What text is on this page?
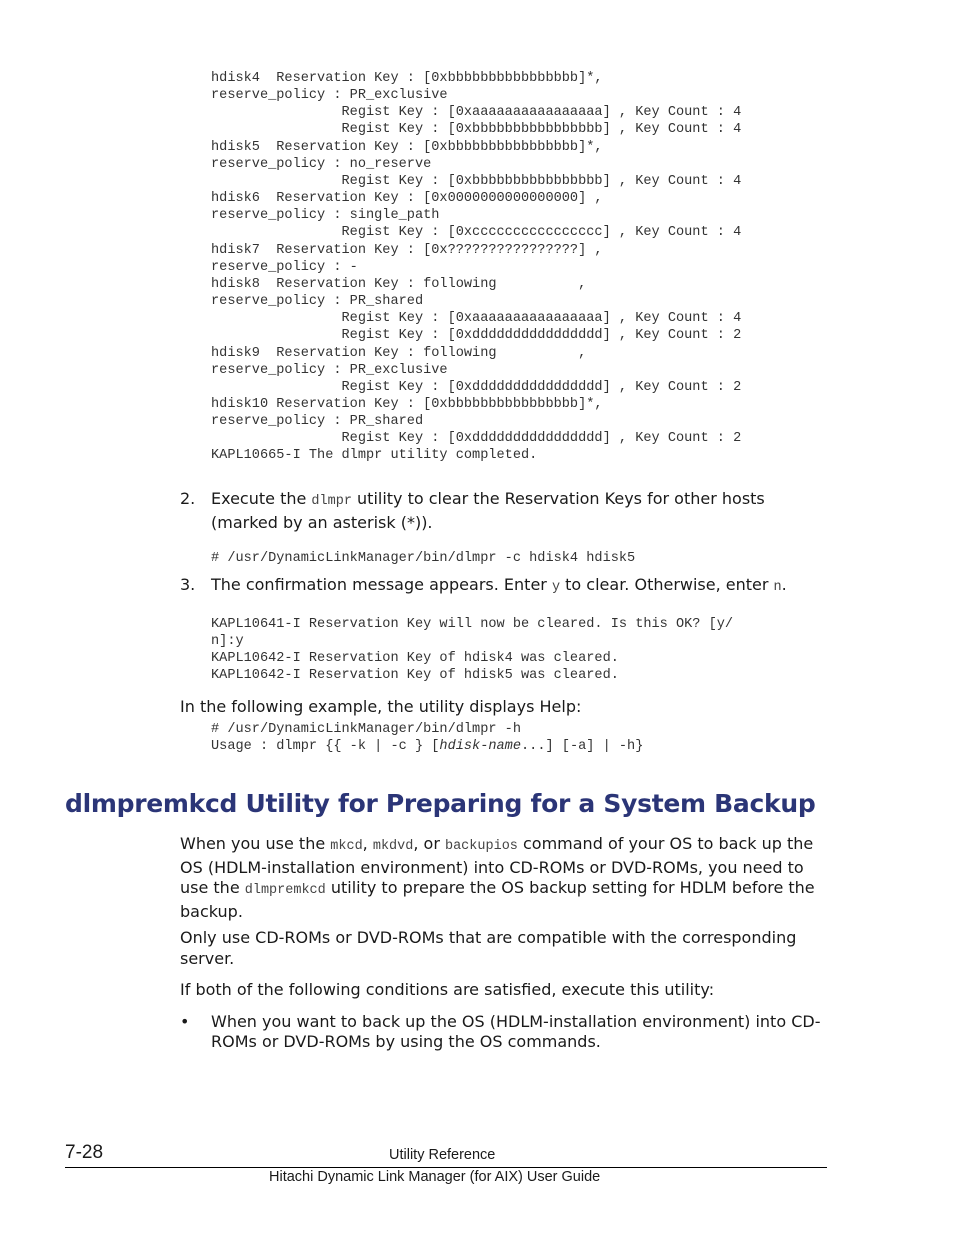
hdisk4  Reservation Key : [0xbbbbbbbbbbbbbbbb]*,
reserve_policy : PR_exclusive
Regist Key : [0xaaaaaaaaaaaaaaaa] , Key Count : 4
Regist Key : [0xbbbbbbbbbbbbbbbb] , Key Count : 4
hdisk5  Reservation Key : [0xbbbbbbbbbbbbbbbb]*,
reserve_policy : no_reserve
Regist Key : [0xbbbbbbbbbbbbbbbb] , Key Count : 4
hdisk6  Reservation Key : [0x0000000000000000] ,
reserve_policy : single_path
Regist Key : [0xcccccccccccccccc] , Key Count : 4
hdisk7  Reservation Key : [0x????????????????] ,
reserve_policy : -
hdisk8  Reservation Key : following          ,
reserve_policy : PR_shared
Regist Key : [0xaaaaaaaaaaaaaaaa] , Key Count : 4
Regist Key : [0xdddddddddddddddd] , Key Count : 2
hdisk9  Reservation Key : following          ,
reserve_policy : PR_exclusive
Regist Key : [0xdddddddddddddddd] , Key Count : 2
hdisk10 Reservation Key : [0xbbbbbbbbbbbbbbbb]*,
reserve_policy : PR_shared
Regist Key : [0xdddddddddddddddd] , Key Count : 2
KAPL10665-I The dlmpr utility completed.
2. Execute the dlmpr utility to clear the Reservation Keys for other hosts (marked by an asterisk (*)).
# /usr/DynamicLinkManager/bin/dlmpr -c hdisk4 hdisk5
3. The confirmation message appears. Enter y to clear. Otherwise, enter n.
KAPL10641-I Reservation Key will now be cleared. Is this OK? [y/
n]:y
KAPL10642-I Reservation Key of hdisk4 was cleared.
KAPL10642-I Reservation Key of hdisk5 was cleared.

In the following example, the utility displays Help:

# /usr/DynamicLinkManager/bin/dlmpr -h
Usage : dlmpr {{ -k | -c } [hdisk-name...] [-a] | -h}
dlmpremkcd Utility for Preparing for a System Backup

When you use the mkcd, mkdvd, or backupios command of your OS to back up the OS (HDLM-installation environment) into CD-ROMs or DVD-ROMs, you need to use the dlmpremkcd utility to prepare the OS backup setting for HDLM before the backup.

Only use CD-ROMs or DVD-ROMs that are compatible with the corresponding server.

If both of the following conditions are satisfied, execute this utility:

• When you want to back up the OS (HDLM-installation environment) into CD-ROMs or DVD-ROMs by using the OS commands.
7-28	Utility Reference
Hitachi Dynamic Link Manager (for AIX) User Guide
